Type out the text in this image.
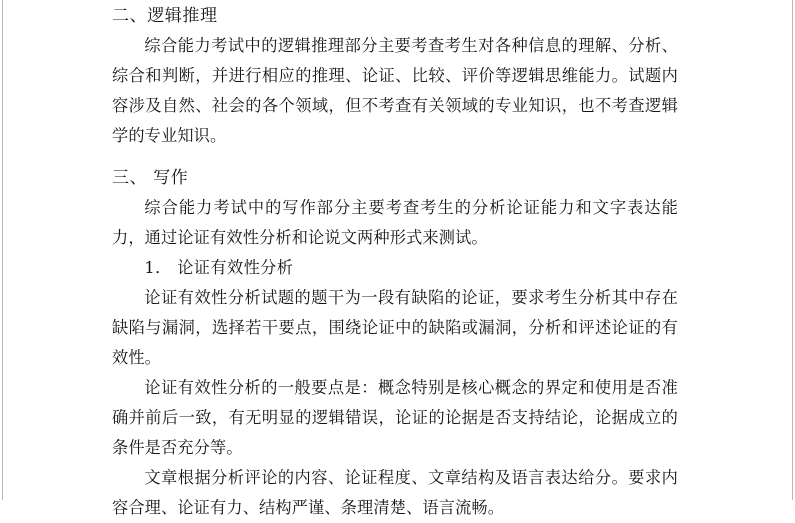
二、逻辑推理

综合能力考试中的逻辑推理部分主要考查考生对各种信息的理解、分析、综合和判断，并进行相应的推理、论证、比较、评价等逻辑思维能力。试题内容涉及自然、社会的各个领域，但不考查有关领域的专业知识，也不考查逻辑学的专业知识。

三、 写作

综合能力考试中的写作部分主要考查考生的分析论证能力和文字表达能力，通过论证有效性分析和论说文两种形式来测试。

1． 论证有效性分析

论证有效性分析试题的题干为一段有缺陷的论证，要求考生分析其中存在缺陷与漏洞，选择若干要点，围绕论证中的缺陷或漏洞，分析和评述论证的有效性。

论证有效性分析的一般要点是：概念特别是核心概念的界定和使用是否准确并前后一致，有无明显的逻辑错误，论证的论据是否支持结论，论据成立的条件是否充分等。

文章根据分析评论的内容、论证程度、文章结构及语言表达给分。要求内容合理、论证有力、结构严谨、条理清楚、语言流畅。
